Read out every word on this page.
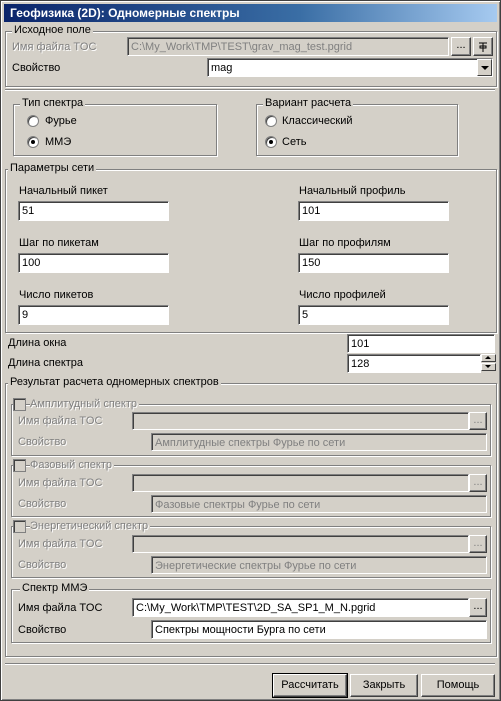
Геофизика (2D): Одномерные спектры
Исходное поле
Имя файла TOC	C:\My_Work\TMP\TEST\grav_mag_test.pgrid	...
Свойство	mag
Тип спектра
Фурье
ММЭ
Вариант расчета
Классический
Сеть
Параметры сети
Начальный пикет
51
Начальный профиль
101
Шаг по пикетам
100
Шаг по профилям
150
Число пикетов
9
Число профилей
5
Длина окна	101
Длина спектра	128
Результат расчета одномерных спектров
Амплитудный спектр
Имя файла TOC	...
Свойство	Амплитудные спектры Фурье по сети
Фазовый спектр
Имя файла TOC	...
Свойство	Фазовые спектры Фурье по сети
Энергетический спектр
Имя файла TOC	...
Свойство	Энергетические спектры Фурье по сети
Спектр ММЭ
Имя файла TOC	C:\My_Work\TMP\TEST\2D_SA_SP1_M_N.pgrid	...
Свойство	Спектры мощности Бурга по сети
Рассчитать	Закрыть	Помощь
